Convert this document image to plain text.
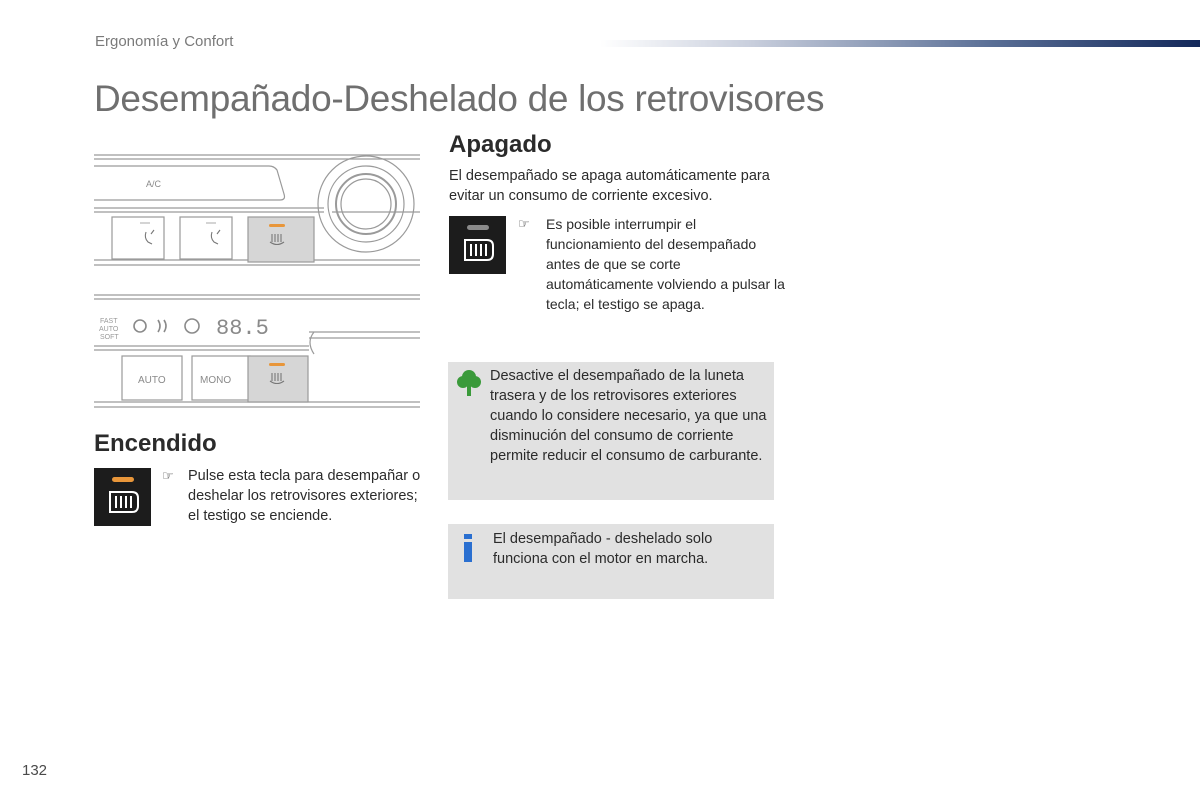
Ergonomía y Confort
Desempañado-Deshelado de los retrovisores
A/C
FAST
AUTO
SOFT	88.5
AUTO	MONO
Apagado

El desempañado se apaga automáticamente para evitar un consumo de corriente excesivo.

☞ Es posible interrumpir el funcionamiento del desempañado antes de que se corte automáticamente volviendo a pulsar la tecla; el testigo se apaga.

Encendido
☞ Pulse esta tecla para desempañar o deshelar los retrovisores exteriores; el testigo se enciende.

Desactive el desempañado de la luneta trasera y de los retrovisores exteriores cuando lo considere necesario, ya que una disminución del consumo de corriente permite reducir el consumo de carburante.
El desempañado - deshelado solo funciona con el motor en marcha.
132
